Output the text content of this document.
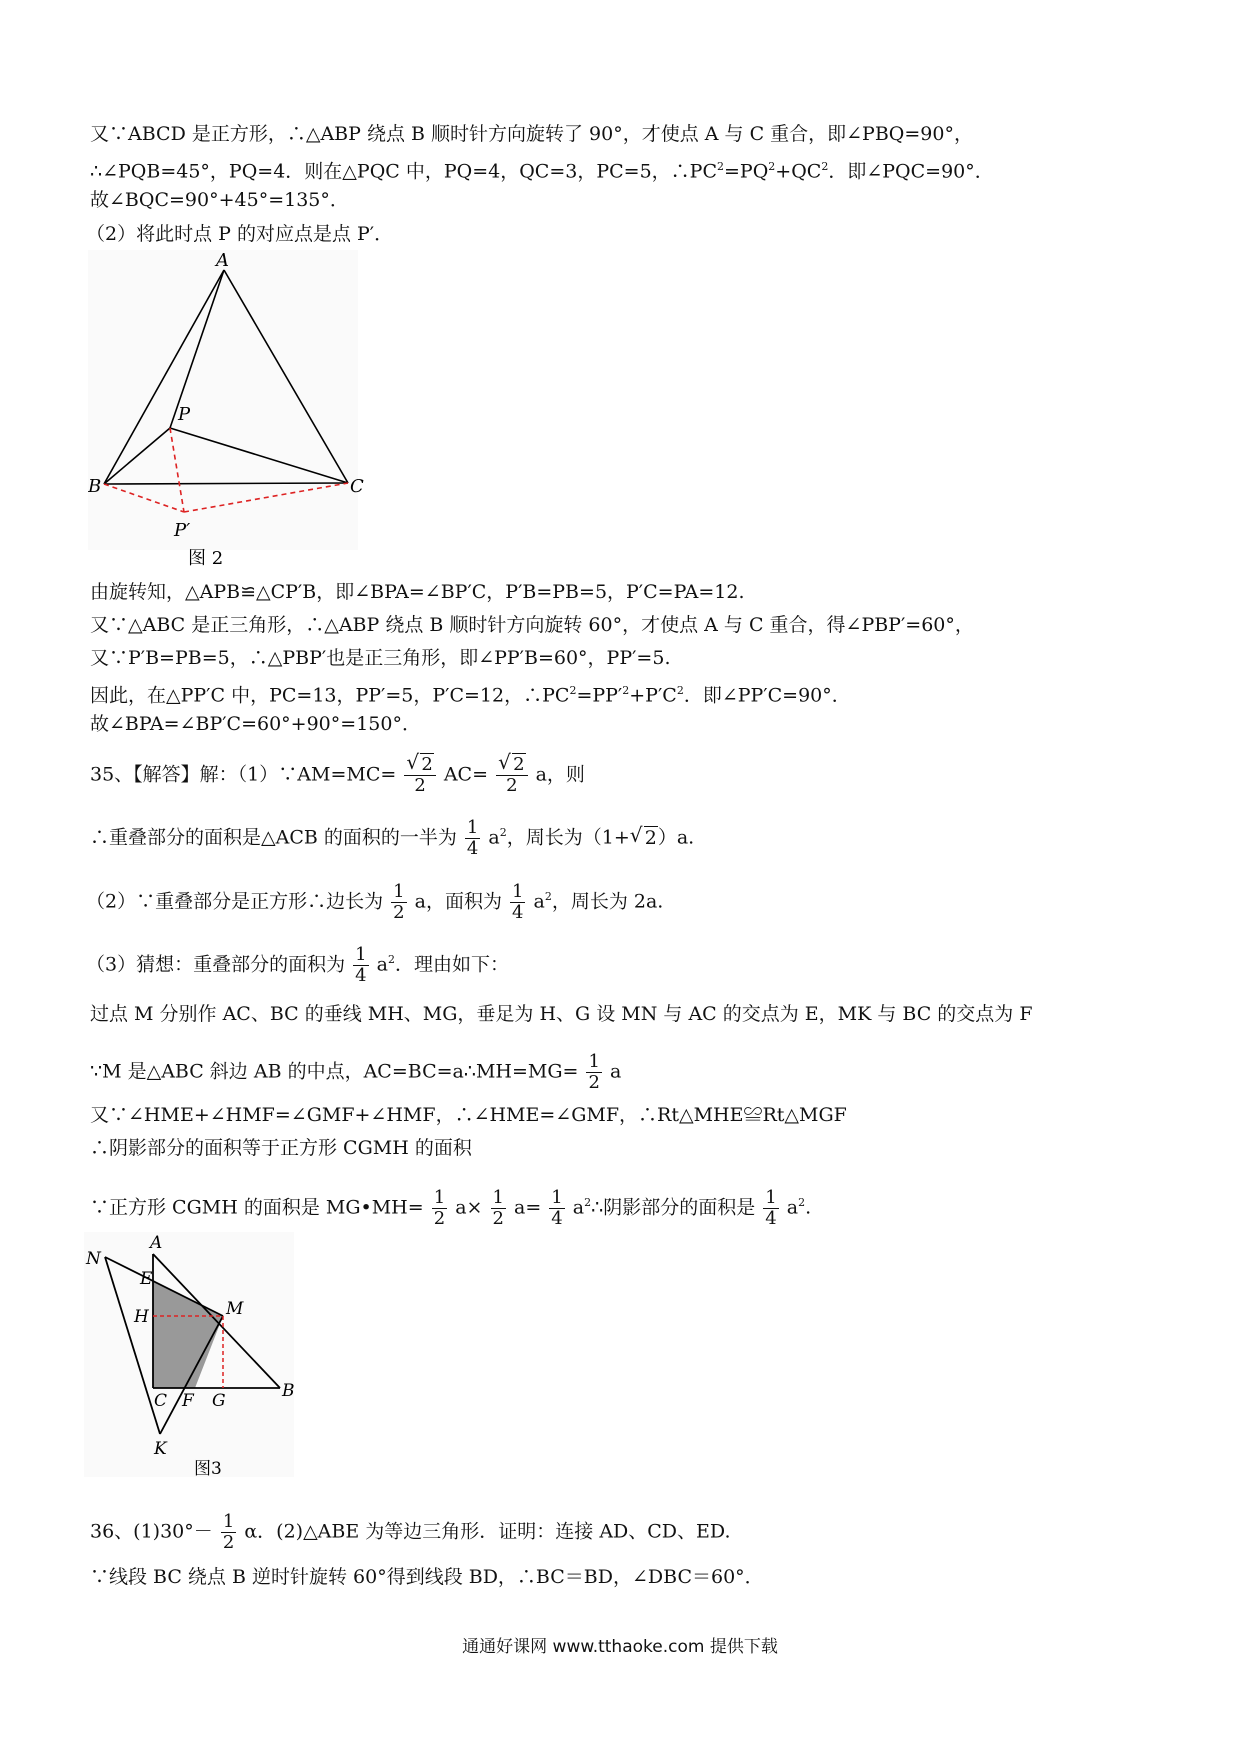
又∵ABCD 是正方形，∴△ABP 绕点 B 顺时针方向旋转了 90°，才使点 A 与 C 重合，即∠PBQ=90°，
∴∠PQB=45°，PQ=4．则在△PQC 中，PQ=4，QC=3，PC=5，$\therefore PC^2=PQ^2+QC^2$．即∠PQC=90°．
故∠BQC=90°+45°=135°．
（2）将此时点 P 的对应点是点 P′．
A
P
B	C
P′
图 2
由旋转知，△APB≌△CP′B，即∠BPA=∠BP′C，P′B=PB=5，P′C=PA=12.
又∵△ABC 是正三角形，∴△ABP 绕点 B 顺时针方向旋转 60°，才使点 A 与 C 重合，得∠PBP′=60°，
又∵P′B=PB=5，∴△PBP′也是正三角形，即∠PP′B=60°，PP′=5.
因此，在△PP′C 中，PC=13，PP′=5，P′C=12，$\therefore PC^2=PP'^2+P'C^2$．即∠PP′C=90°．
故∠BPA=∠BP′C=60°+90°=150°．
35、【解答】解：（1）∵AM=MC= √ $\frac{2}{2} AC=$ √ $\frac{2}{2}$ a，则
∴重叠部分的面积是△ACB 的面积的一半为 $\frac{1}{4} a^2$，周长为（1+ √ 2）a.
（2）∵重叠部分是正方形∴边长为 $\frac{1}{2}$ a，面积为 $\frac{1}{4} a^2$，周长为 2a.
（3）猜想：重叠部分的面积为 $\frac{1}{4} a^2$．理由如下：
过点 M 分别作 AC、BC 的垂线 MH、MG，垂足为 H、G 设 MN 与 AC 的交点为 E，MK 与 BC 的交点为 F
∵M 是△ABC 斜边 AB 的中点，AC=BC=a∴MH=MG= $\frac{1}{2}$ a
又∵∠HME+∠HMF=∠GMF+∠HMF，∴∠HME=∠GMF，∴Rt△MHE≌Rt△MGF
∴阴影部分的面积等于正方形 CGMH 的面积
∵正方形 CGMH 的面积是 MG•MH= $\frac{1}{2} a\times \frac{1}{2} a= \frac{1}{4}$ $a^2\therefore$阴影部分的面积是 $\frac{1}{4} a^2$.
N
A
E
M
H
B
C F G
K
图3
36、$(1)30^\circ- \frac{1}{2}$ α．(2)△ABE 为等边三角形．证明：连接 AD、CD、ED.
∵线段 BC 绕点 B 逆时针旋转 60°得到线段 BD，∴BC＝BD，∠DBC＝60°．
通通好课网 www.tthaoke.com 提供下载
